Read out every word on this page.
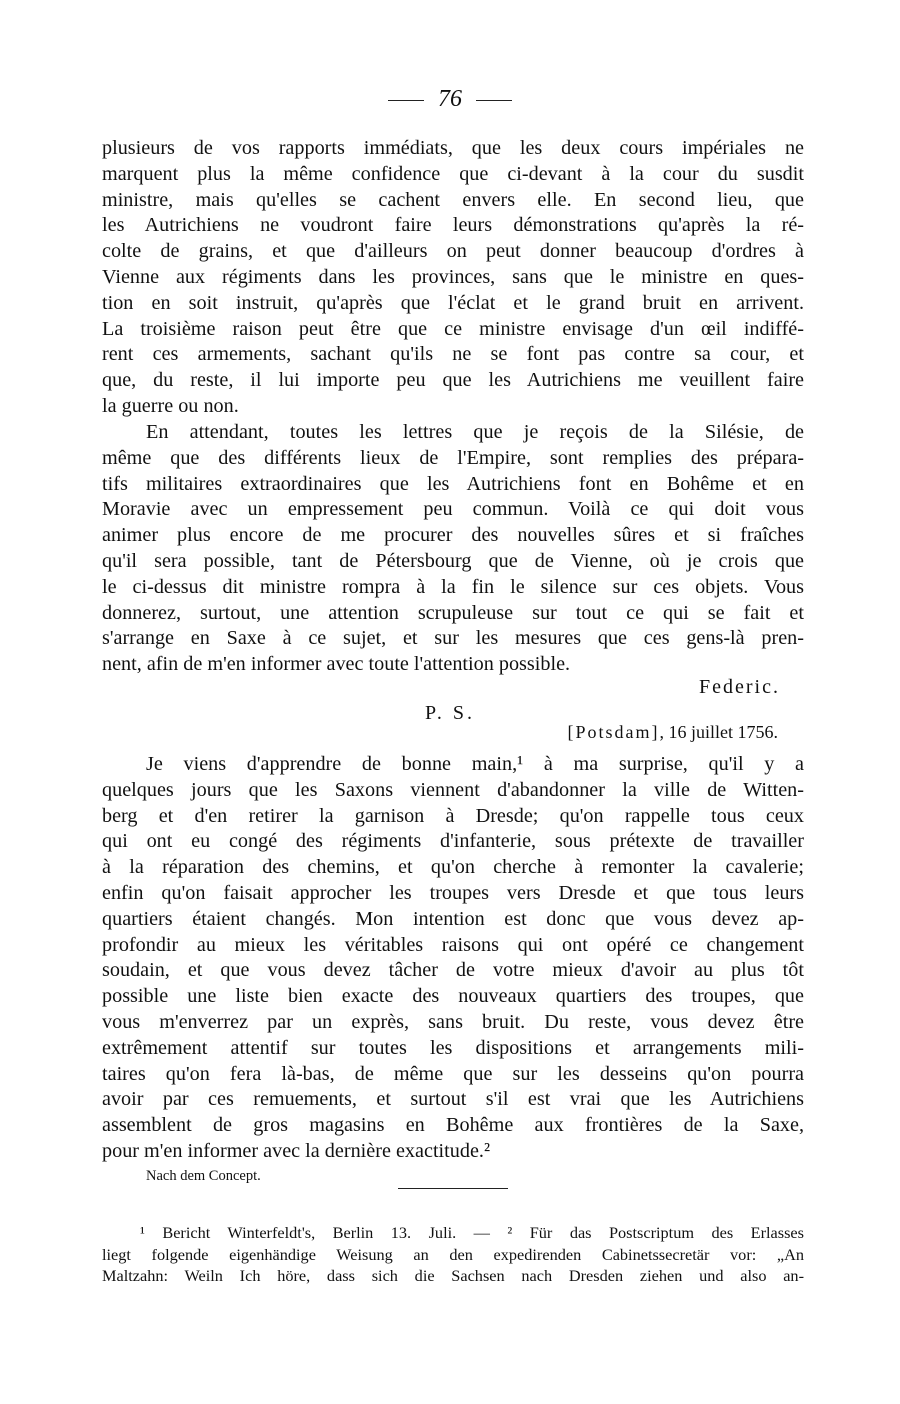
76
plusieurs de vos rapports immédiats, que les deux cours impériales ne
marquent plus la même confidence que ci-devant à la cour du susdit
ministre, mais qu'elles se cachent envers elle. En second lieu, que
les Autrichiens ne voudront faire leurs démonstrations qu'après la ré-
colte de grains, et que d'ailleurs on peut donner beaucoup d'ordres à
Vienne aux régiments dans les provinces, sans que le ministre en ques-
tion en soit instruit, qu'après que l'éclat et le grand bruit en arrivent.
La troisième raison peut être que ce ministre envisage d'un œil indiffé-
rent ces armements, sachant qu'ils ne se font pas contre sa cour, et
que, du reste, il lui importe peu que les Autrichiens me veuillent faire
la guerre ou non.
En attendant, toutes les lettres que je reçois de la Silésie, de
même que des différents lieux de l'Empire, sont remplies des prépara-
tifs militaires extraordinaires que les Autrichiens font en Bohême et en
Moravie avec un empressement peu commun. Voilà ce qui doit vous
animer plus encore de me procurer des nouvelles sûres et si fraîches
qu'il sera possible, tant de Pétersbourg que de Vienne, où je crois que
le ci-dessus dit ministre rompra à la fin le silence sur ces objets. Vous
donnerez, surtout, une attention scrupuleuse sur tout ce qui se fait et
s'arrange en Saxe à ce sujet, et sur les mesures que ces gens-là pren-
nent, afin de m'en informer avec toute l'attention possible.
Federic.
P. S.
[Potsdam], 16 juillet 1756.
Je viens d'apprendre de bonne main,¹ à ma surprise, qu'il y a
quelques jours que les Saxons viennent d'abandonner la ville de Witten-
berg et d'en retirer la garnison à Dresde; qu'on rappelle tous ceux
qui ont eu congé des régiments d'infanterie, sous prétexte de travailler
à la réparation des chemins, et qu'on cherche à remonter la cavalerie;
enfin qu'on faisait approcher les troupes vers Dresde et que tous leurs
quartiers étaient changés. Mon intention est donc que vous devez ap-
profondir au mieux les véritables raisons qui ont opéré ce changement
soudain, et que vous devez tâcher de votre mieux d'avoir au plus tôt
possible une liste bien exacte des nouveaux quartiers des troupes, que
vous m'enverrez par un exprès, sans bruit. Du reste, vous devez être
extrêmement attentif sur toutes les dispositions et arrangements mili-
taires qu'on fera là-bas, de même que sur les desseins qu'on pourra
avoir par ces remuements, et surtout s'il est vrai que les Autrichiens
assemblent de gros magasins en Bohême aux frontières de la Saxe,
pour m'en informer avec la dernière exactitude.²
Nach dem Concept.
¹ Bericht Winterfeldt's, Berlin 13. Juli. — ² Für das Postscriptum des Erlasses
liegt folgende eigenhändige Weisung an den expedirenden Cabinetssecretär vor: „An
Maltzahn: Weiln Ich höre, dass sich die Sachsen nach Dresden ziehen und also an-
